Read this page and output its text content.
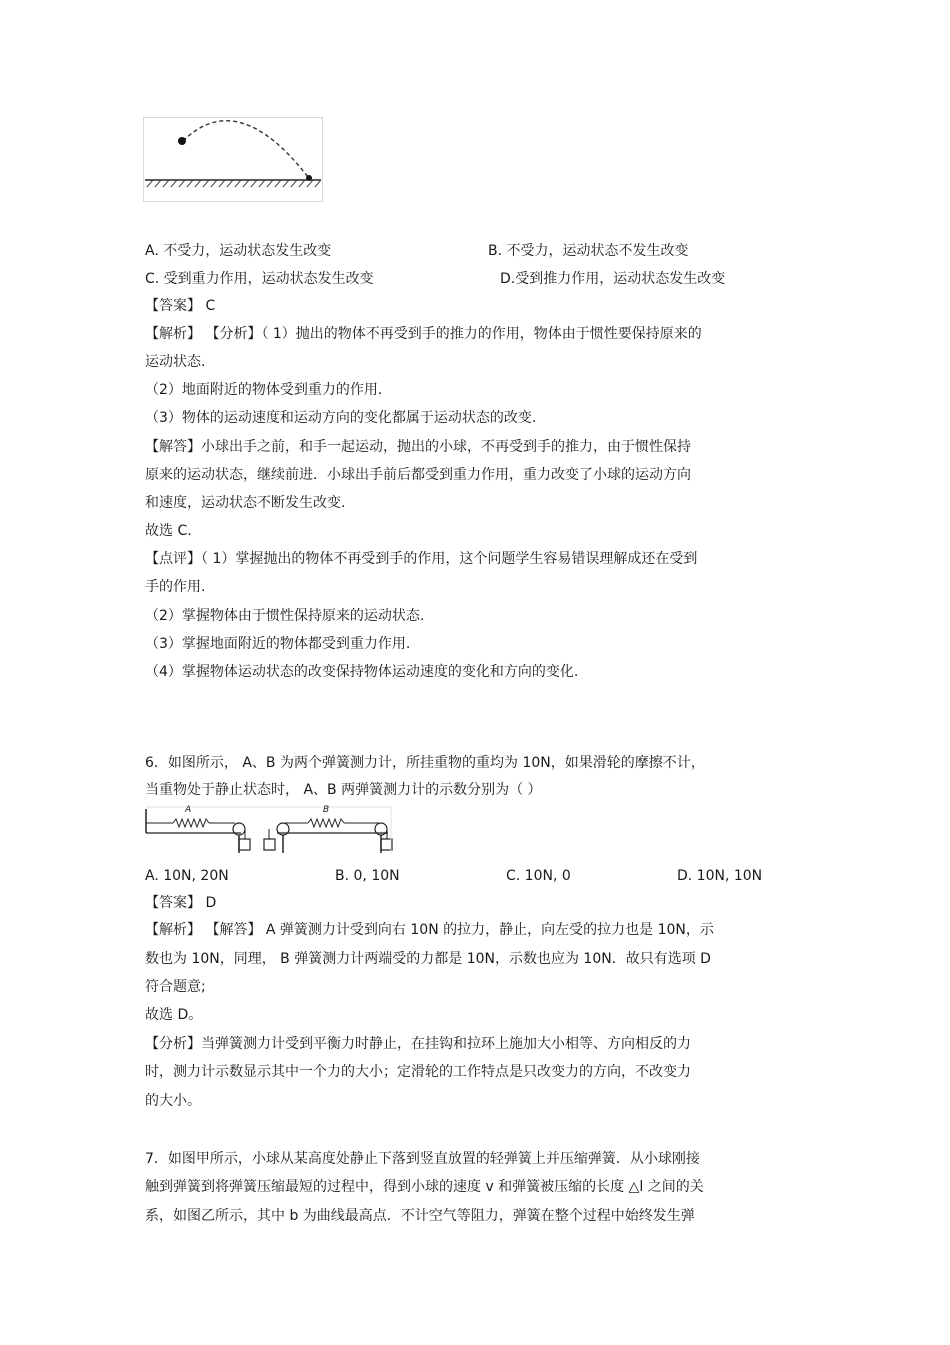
A. 不受力，运动状态发生改变	B. 不受力，运动状态不发生改变
C. 受到重力作用，运动状态发生改变	D.受到推力作用，运动状态发生改变
【答案】 C
【解析】 【分析】（ 1）抛出的物体不再受到手的推力的作用，物体由于惯性要保持原来的
运动状态.
（2）地面附近的物体受到重力的作用.
（3）物体的运动速度和运动方向的变化都属于运动状态的改变.
【解答】小球出手之前，和手一起运动，抛出的小球，不再受到手的推力，由于惯性保持
原来的运动状态，继续前进．小球出手前后都受到重力作用，重力改变了小球的运动方向
和速度，运动状态不断发生改变.
故选 C.
【点评】（ 1）掌握抛出的物体不再受到手的作用，这个问题学生容易错误理解成还在受到
手的作用.
（2）掌握物体由于惯性保持原来的运动状态.
（3）掌握地面附近的物体都受到重力作用.
（4）掌握物体运动状态的改变保持物体运动速度的变化和方向的变化.
6．如图所示， A、B 为两个弹簧测力计，所挂重物的重均为 10N，如果滑轮的摩擦不计，
当重物处于静止状态时， A、B 两弹簧测力计的示数分别为（ ）
A	B
A. 10N, 20N	B. 0, 10N	C. 10N, 0	D. 10N, 10N
【答案】 D
【解析】 【解答】 A 弹簧测力计受到向右 10N 的拉力，静止，向左受的拉力也是 10N，示
数也为 10N，同理， B 弹簧测力计两端受的力都是 10N，示数也应为 10N．故只有选项 D
符合题意;
故选 D。
【分析】当弹簧测力计受到平衡力时静止，在挂钩和拉环上施加大小相等、方向相反的力
时，测力计示数显示其中一个力的大小；定滑轮的工作特点是只改变力的方向，不改变力
的大小。
7．如图甲所示，小球从某高度处静止下落到竖直放置的轻弹簧上并压缩弹簧．从小球刚接
触到弹簧到将弹簧压缩最短的过程中，得到小球的速度 v 和弹簧被压缩的长度 △l 之间的关
系，如图乙所示，其中 b 为曲线最高点．不计空气等阻力，弹簧在整个过程中始终发生弹
